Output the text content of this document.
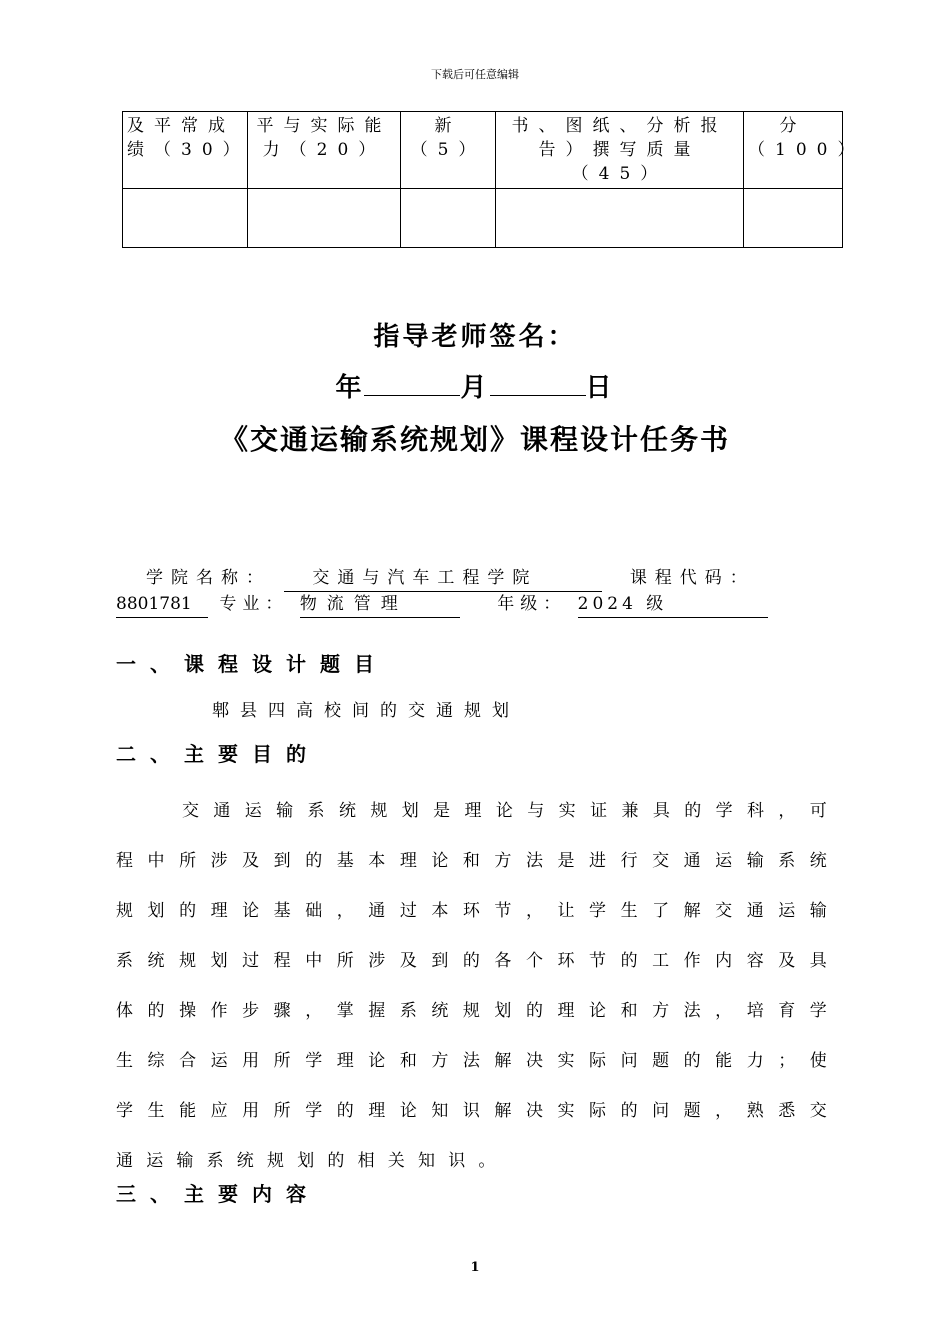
下载后可任意编辑
及平常成绩（30）	平与实际能力（20）	新（5）	书、图纸、分析报告）撰写质量（45）	分（100）

指导老师签名：
年	月	日
《交通运输系统规划》课程设计任务书
学院名称： 交通与汽车工程学院	课程代码：
8801781 专业： 物流管理	年级： 2024 级
一、课程设计题目
郫县四高校间的交通规划
二、主要目的
交通运输系统规划是理论与实证兼具的学科，可程中所涉及到的基本理论和方法是进行交通运输系统规划的理论基础，通过本环节，让学生了解交通运输系统规划过程中所涉及到的各个环节的工作内容及具体的操作步骤，掌握系统规划的理论和方法，培育学生综合运用所学理论和方法解决实际问题的能力；使学生能应用所学的理论知识解决实际的问题，熟悉交通运输系统规划的相关知识。
三、主要内容
1
